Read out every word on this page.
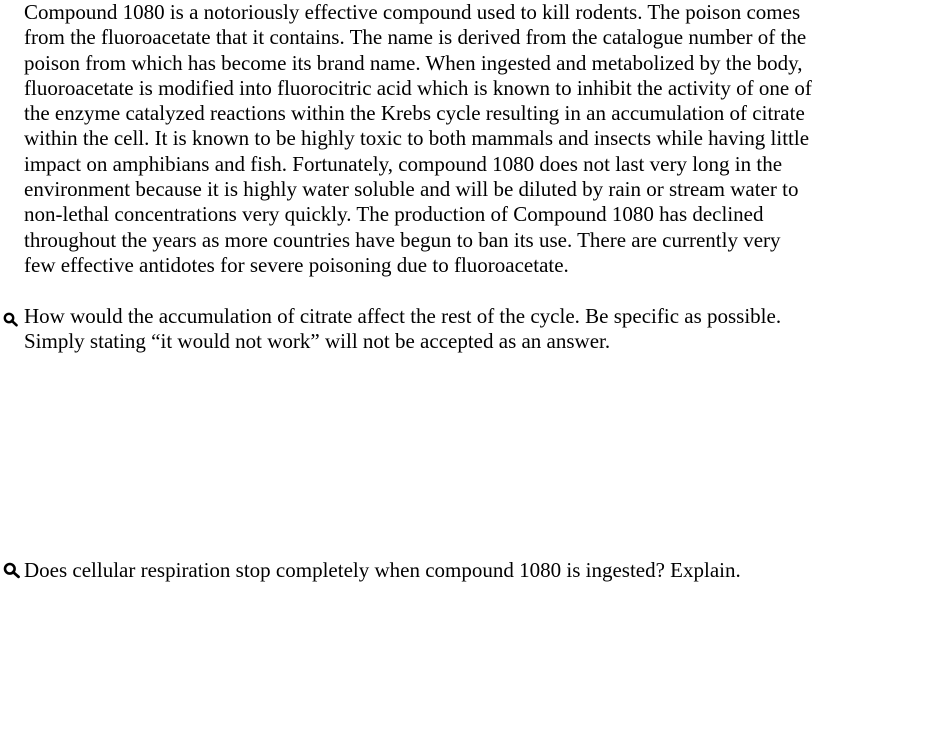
Compound 1080 is a notoriously effective compound used to kill rodents. The poison comes
from the fluoroacetate that it contains. The name is derived from the catalogue number of the
poison from which has become its brand name. When ingested and metabolized by the body,
fluoroacetate is modified into fluorocitric acid which is known to inhibit the activity of one of
the enzyme catalyzed reactions within the Krebs cycle resulting in an accumulation of citrate
within the cell. It is known to be highly toxic to both mammals and insects while having little
impact on amphibians and fish. Fortunately, compound 1080 does not last very long in the
environment because it is highly water soluble and will be diluted by rain or stream water to
non-lethal concentrations very quickly. The production of Compound 1080 has declined
throughout the years as more countries have begun to ban its use. There are currently very
few effective antidotes for severe poisoning due to fluoroacetate.
How would the accumulation of citrate affect the rest of the cycle. Be specific as possible.
Simply stating “it would not work” will not be accepted as an answer.
Does cellular respiration stop completely when compound 1080 is ingested? Explain.
